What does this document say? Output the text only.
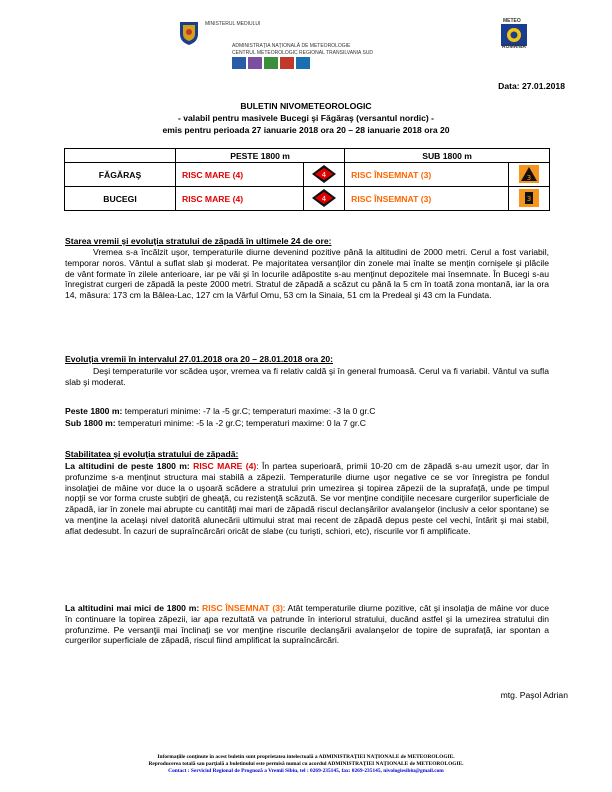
MINISTERUL MEDIULUI
ADMINISTRAȚIA NAȚIONALĂ DE METEOROLOGIE
CENTRUL METEOROLOGIC REGIONAL TRANSILVANIA SUD
METEO
ROMÂNIA
Data: 27.01.2018
BULETIN NIVOMETEOROLOGIC
- valabil pentru masivele Bucegi şi Făgăraş (versantul nordic) -
emis pentru perioada 27 ianuarie 2018 ora 20 – 28 ianuarie 2018 ora 20
	PESTE 1800 m		SUB 1800 m	
FĂGĂRAŞ	RISC MARE (4)	4	RISC ÎNSEMNAT (3)	3

BUCEGI	RISC MARE (4)	4	RISC ÎNSEMNAT (3)	3
Starea vremii şi evoluţia stratului de zăpadă în ultimele 24 de ore:
Vremea s-a încălzit uşor, temperaturile diurne devenind pozitive până la altitudini de 2000 metri. Cerul a fost variabil, temporar noros. Vântul a suflat slab şi moderat. Pe majoritatea versanţilor din zonele mai înalte se menţin cornişele şi plăcile de vânt formate în zilele anterioare, iar pe văi şi în locurile adăpostite s-au menţinut depozitele mai însemnate. În Bucegi s-au înregistrat curgeri de zăpadă la peste 2000 metri. Stratul de zăpadă a scăzut cu până la 5 cm în toată zona montană, iar la ora 14, măsura: 173 cm la Bâlea-Lac, 127 cm la Vârful Omu, 53 cm la Sinaia, 51 cm la Predeal şi 43 cm la Fundata.
Evoluţia vremii în intervalul 27.01.2018 ora 20 – 28.01.2018 ora 20:
Deşi temperaturile vor scădea uşor, vremea va fi relativ caldă şi în general frumoasă. Cerul va fi variabil. Vântul va sufla slab şi moderat.
Peste 1800 m: temperaturi minime: -7 la -5 gr.C; temperaturi maxime: -3 la 0 gr.C
Sub 1800 m: temperaturi minime: -5 la -2 gr.C; temperaturi maxime: 0 la 7 gr.C
Stabilitatea şi evoluţia stratului de zăpadă:
La altitudini de peste 1800 m: RISC MARE (4): În partea superioară, primii 10-20 cm de zăpadă s-au umezit uşor, dar în profunzime s-a menţinut structura mai stabilă a zăpezii. Temperaturile diurne uşor negative ce se vor înregistra pe fondul insolaţiei de mâine vor duce la o uşoară scădere a stratului prin umezirea şi topirea zăpezii de la suprafaţă, unde pe timpul nopţii se vor forma cruste subţiri de gheaţă, cu rezistenţă scăzută. Se vor menţine condiţiile necesare curgerilor superficiale de zăpadă, iar în zonele mai abrupte cu cantităţi mai mari de zăpadă riscul declanşărilor avalanşelor (inclusiv a celor spontane) se va menţine la acelaşi nivel datorită alunecării ultimului strat mai recent de zăpadă depus peste cel vechi, întărit şi mai stabil, aflat dedesubt. În cazuri de supraîncărcări oricât de slabe (cu turişti, schiori, etc), riscurile vor fi amplificate.
La altitudini mai mici de 1800 m: RISC ÎNSEMNAT (3): Atât temperaturile diurne pozitive, cât şi insolaţia de mâine vor duce în continuare la topirea zăpezii, iar apa rezultată va patrunde în interiorul stratului, ducând astfel şi la umezirea stratului din profunzime. Pe versanţii mai înclinaţi se vor menţine riscurile declanşării avalanşelor de topire de suprafaţă, iar spontan a curgerilor superficiale de zăpadă, riscul fiind amplificat la supraîncărcări.
mtg. Paşol Adrian
Informaţiile conţinute în acest buletin sunt proprietatea intelectuală a ADMINISTRAŢIEI NAŢIONALE de METEOROLOGIE.
Reproducerea totală sau parţială a buletinului este permisă numai cu acordul ADMINISTRAŢIEI NAŢIONALE de METEOROLOGIE.
Contact : Serviciul Regional de Prognoză a Vremii Sibiu, tel : 0269-235145, fax: 0269-235145, nivologiesibiu@gmail.com
